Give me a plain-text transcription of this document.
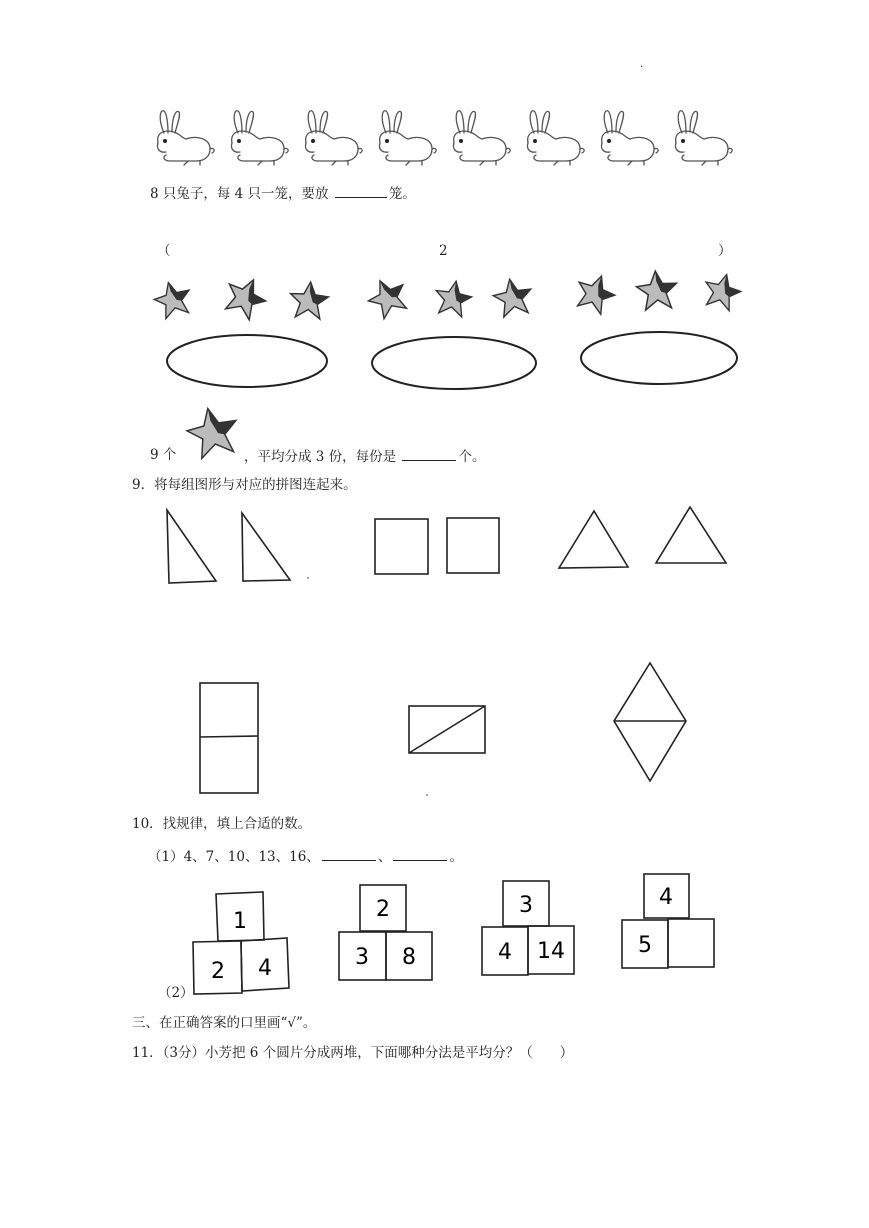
.
8 只兔子，每 4 只一笼，要放	笼。
（	2	）
9 个	，平均分成 3 份，每份是	个。
9．将每组图形与对应的拼图连起来。
10．找规律，填上合适的数。
（1）4、7、10、13、16、	、	。
1
2 4
2
3 8
3
4 14
4
5
（2）
三、在正确答案的口里画“√”。
11．（3分）小芳把 6 个圆片分成两堆，下面哪种分法是平均分？（　　）
